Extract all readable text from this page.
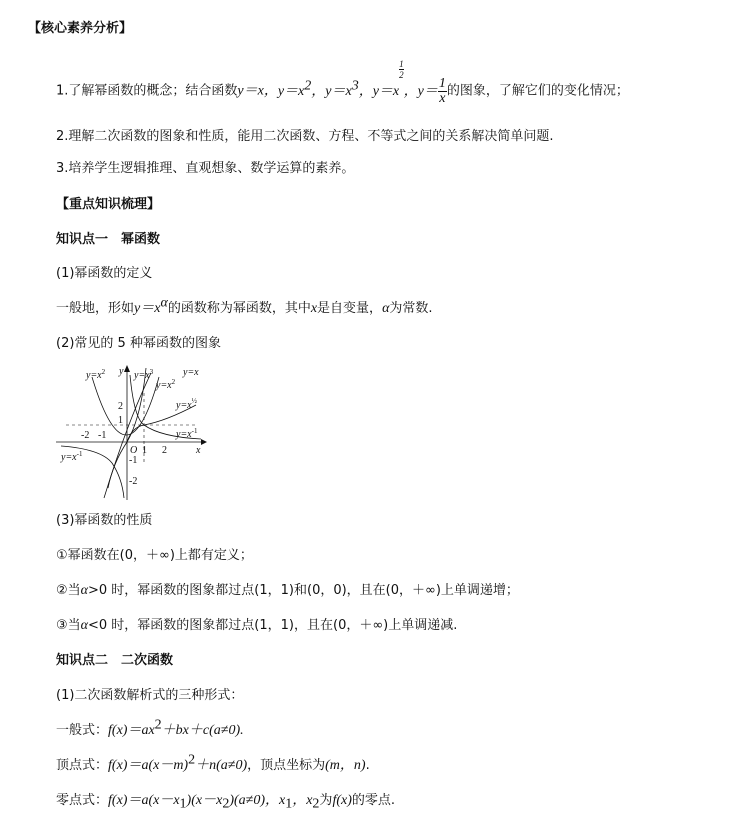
【核心素养分析】
1.了解幂函数的概念；结合函数y＝x，$y=x^2$，$y=x^3$，y＝x
$\frac{1}{2}$，$y= \frac{1}{x}$ 的图象，了解它们的变化情况；
2.理解二次函数的图象和性质，能用二次函数、方程、不等式之间的关系解决简单问题.
3.培养学生逻辑推理、直观想象、数学运算的素养。
【重点知识梳理】
知识点一　幂函数
(1)幂函数的定义
一般地，形如$y=x^\alpha$的函数称为幂函数，其中x是自变量，α为常数.
(2)常见的 5 种幂函数的图象
$y=x^2$ y $y=x^3$	y=x
$y=x^2$
$y=x^{\frac{1}{2}}$
$y=x^{-1}$
$y=x^{-1}$
2
1
-2 -1
O 1 2	x
-1
-2
(3)幂函数的性质
①幂函数在(0，＋∞)上都有定义；
②当α>0 时，幂函数的图象都过点(1，1)和(0，0)，且在(0，＋∞)上单调递增；
③当α<0 时，幂函数的图象都过点(1，1)，且在(0，＋∞)上单调递减.
知识点二　二次函数
(1)二次函数解析式的三种形式：
一般式：$f(x)=ax^2+bx+c(a\ne 0)$.
顶点式：$f(x)=a(x-m)^2+n(a\ne 0)$，顶点坐标为(m，n).
零点式：$f(x)=a(x-x_1)(x-x_2)(a\ne 0)$，$x_1$，$x_2$为f(x)的零点.
